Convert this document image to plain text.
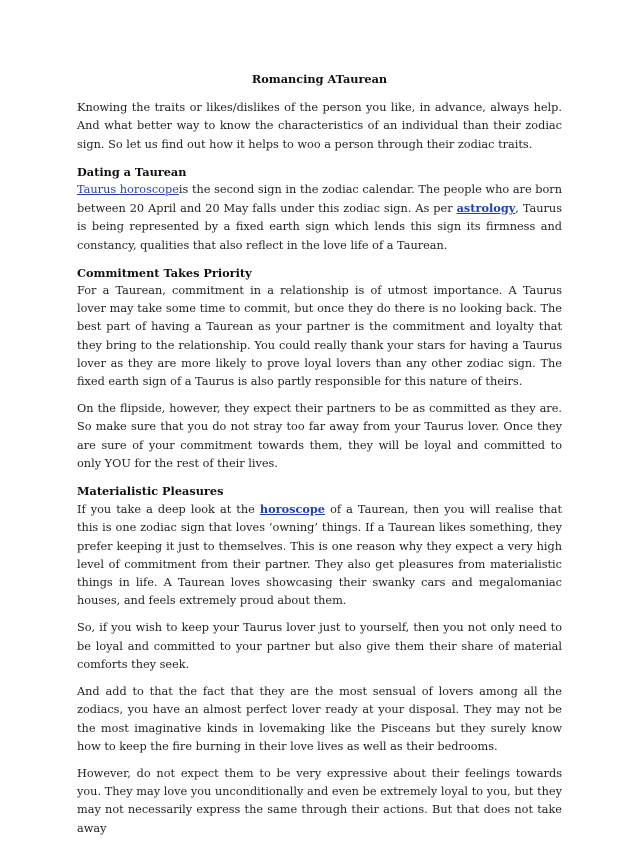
Romancing ATaurean

Knowing the traits or likes/dislikes of the person you like, in advance, always help. And what better way to know the characteristics of an individual than their zodiac sign. So let us find out how it helps to woo a person through their zodiac traits.

Dating a Taurean

Taurus horoscopeis the second sign in the zodiac calendar. The people who are born between 20 April and 20 May falls under this zodiac sign. As per astrology, Taurus is being represented by a fixed earth sign which lends this sign its firmness and constancy, qualities that also reflect in the love life of a Taurean.

Commitment Takes Priority

For a Taurean, commitment in a relationship is of utmost importance. A Taurus lover may take some time to commit, but once they do there is no looking back. The best part of having a Taurean as your partner is the commitment and loyalty that they bring to the relationship. You could really thank your stars for having a Taurus lover as they are more likely to prove loyal lovers than any other zodiac sign. The fixed earth sign of a Taurus is also partly responsible for this nature of theirs.

On the flipside, however, they expect their partners to be as committed as they are. So make sure that you do not stray too far away from your Taurus lover. Once they are sure of your commitment towards them, they will be loyal and committed to only YOU for the rest of their lives.

Materialistic Pleasures

If you take a deep look at the horoscope of a Taurean, then you will realise that this is one zodiac sign that loves ‘owning’ things. If a Taurean likes something, they prefer keeping it just to themselves. This is one reason why they expect a very high level of commitment from their partner. They also get pleasures from materialistic things in life. A Taurean loves showcasing their swanky cars and megalomaniac houses, and feels extremely proud about them.

So, if you wish to keep your Taurus lover just to yourself, then you not only need to be loyal and committed to your partner but also give them their share of material comforts they seek.

And add to that the fact that they are the most sensual of lovers among all the zodiacs, you have an almost perfect lover ready at your disposal. They may not be the most imaginative kinds in lovemaking like the Pisceans but they surely know how to keep the fire burning in their love lives as well as their bedrooms.

However, do not expect them to be very expressive about their feelings towards you. They may love you unconditionally and even be extremely loyal to you, but they may not necessarily express the same through their actions. But that does not take away
